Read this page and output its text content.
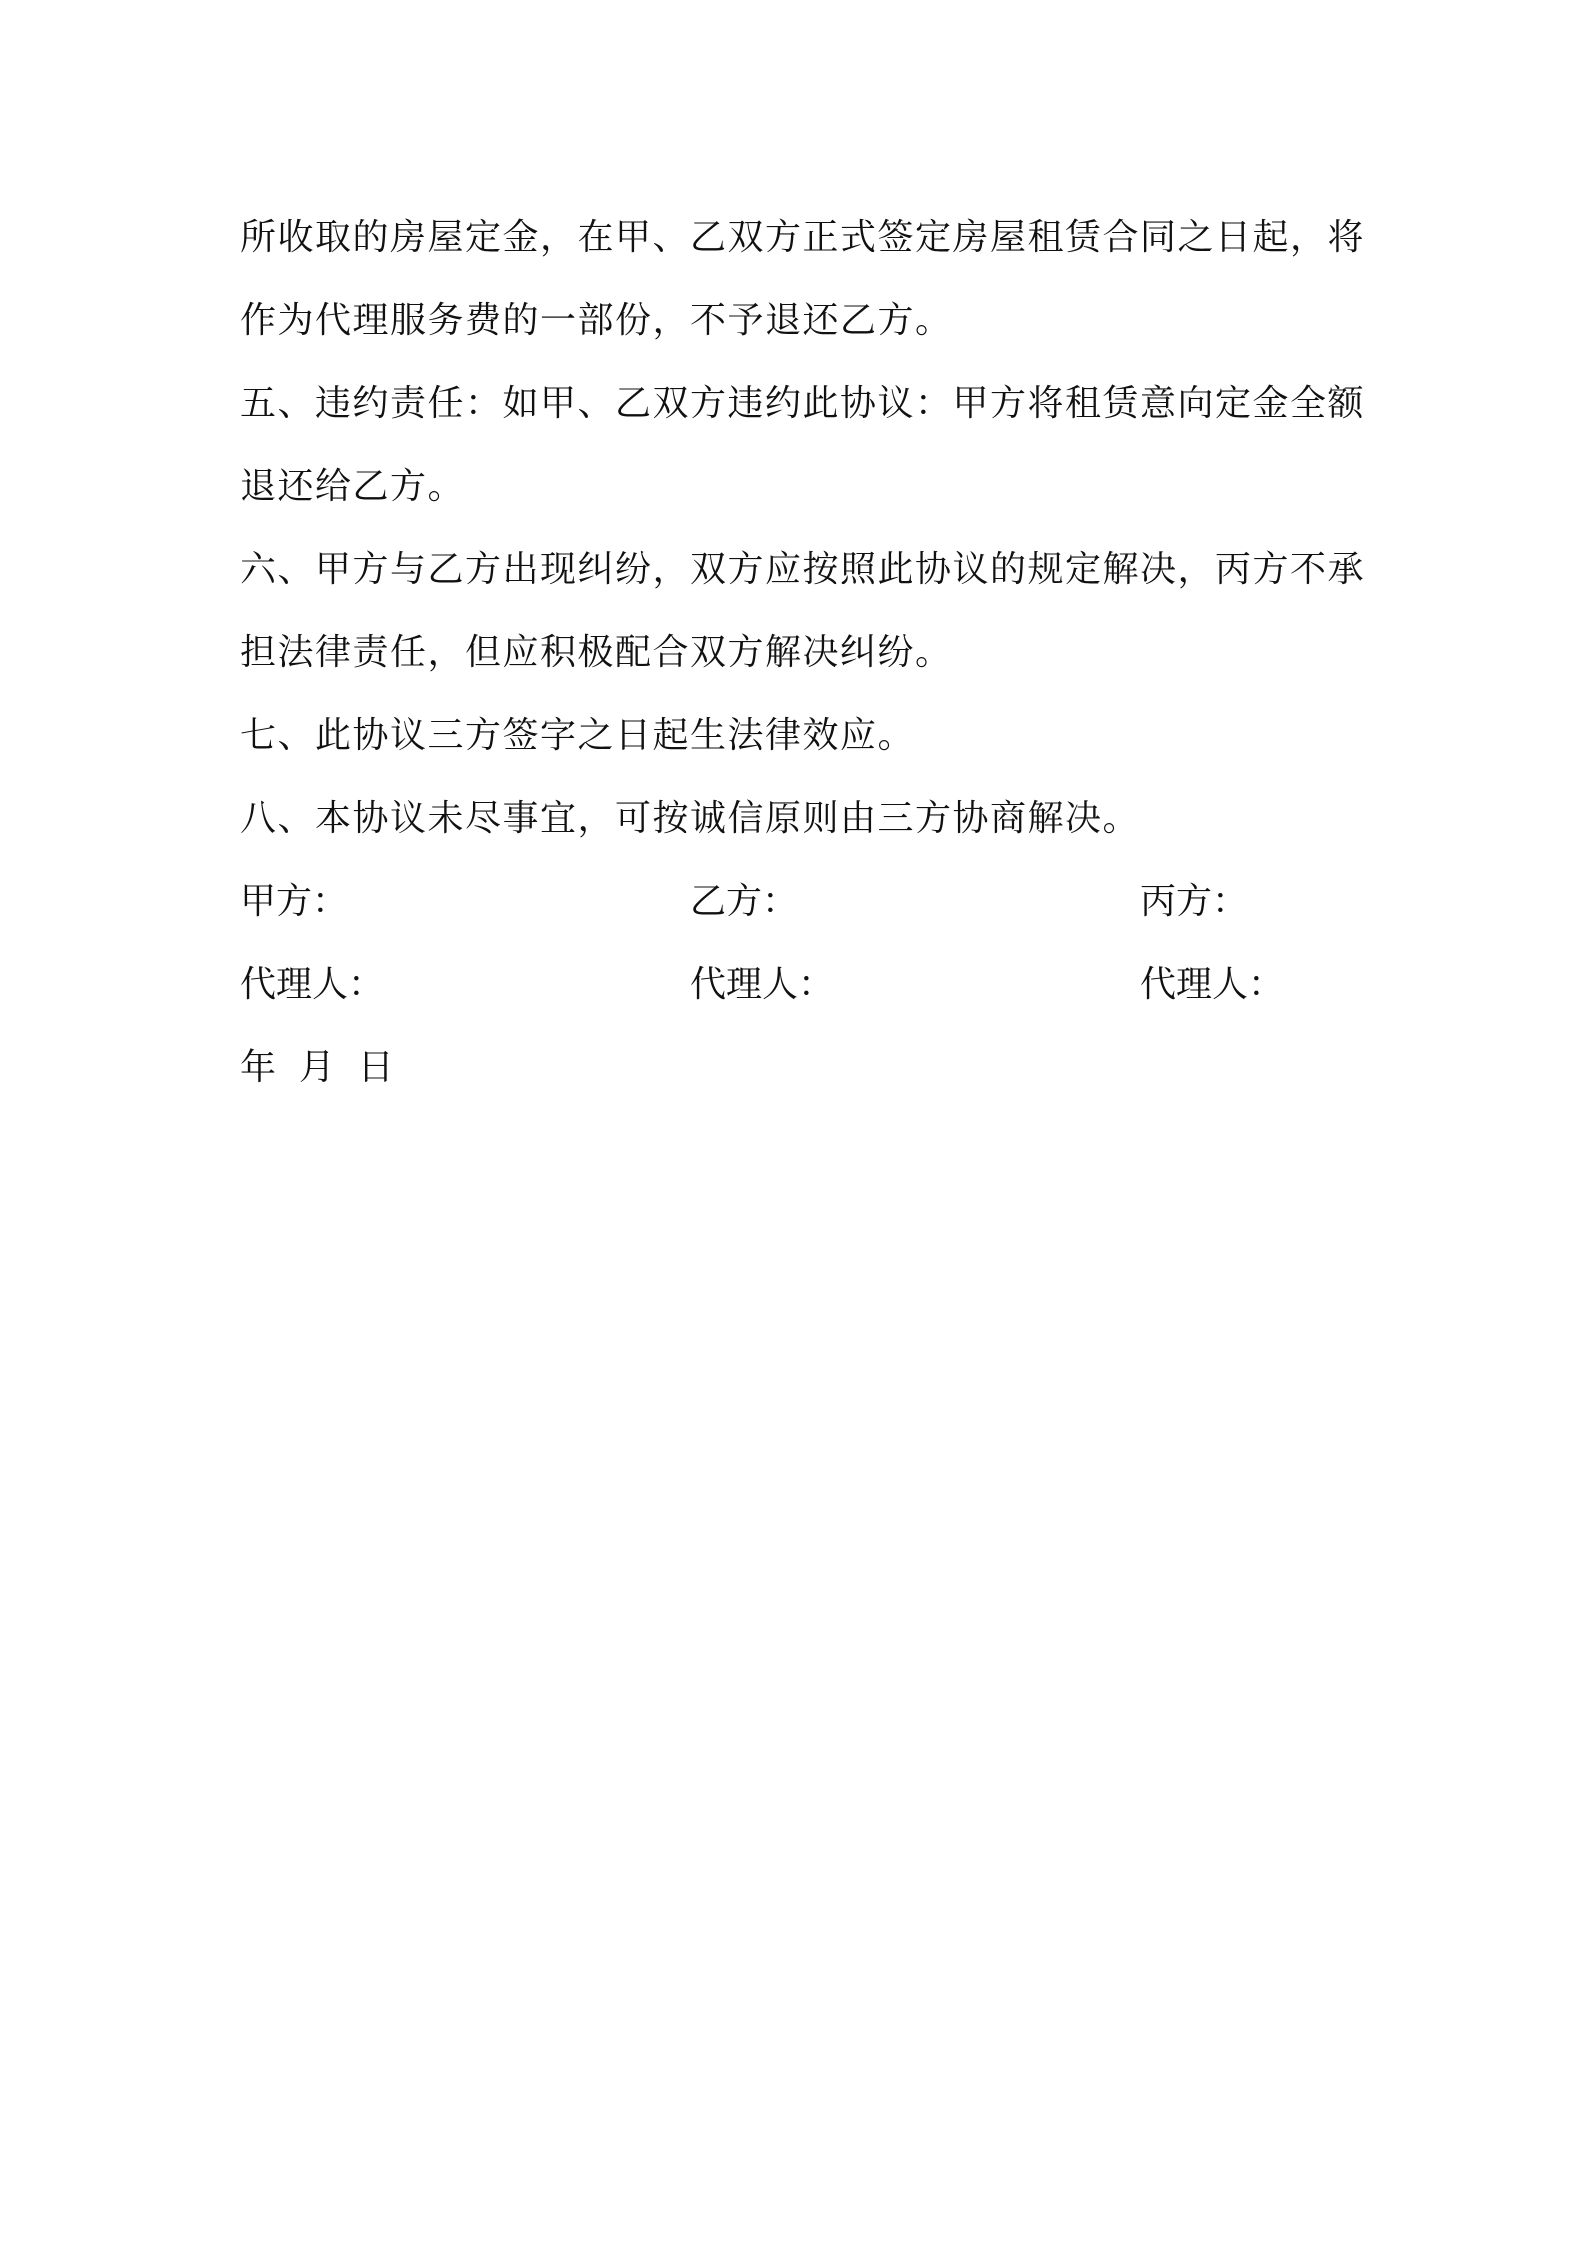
所收取的房屋定金，在甲、乙双方正式签定房屋租赁合同之日起，将
作为代理服务费的一部份，不予退还乙方。
五、违约责任：如甲、乙双方违约此协议：甲方将租赁意向定金全额
退还给乙方。
六、甲方与乙方出现纠纷，双方应按照此协议的规定解决，丙方不承
担法律责任，但应积极配合双方解决纠纷。
七、此协议三方签字之日起生法律效应。
八、本协议未尽事宜，可按诚信原则由三方协商解决。
甲方：	乙方：	丙方：
代理人：	代理人：	代理人：
年  月  日
